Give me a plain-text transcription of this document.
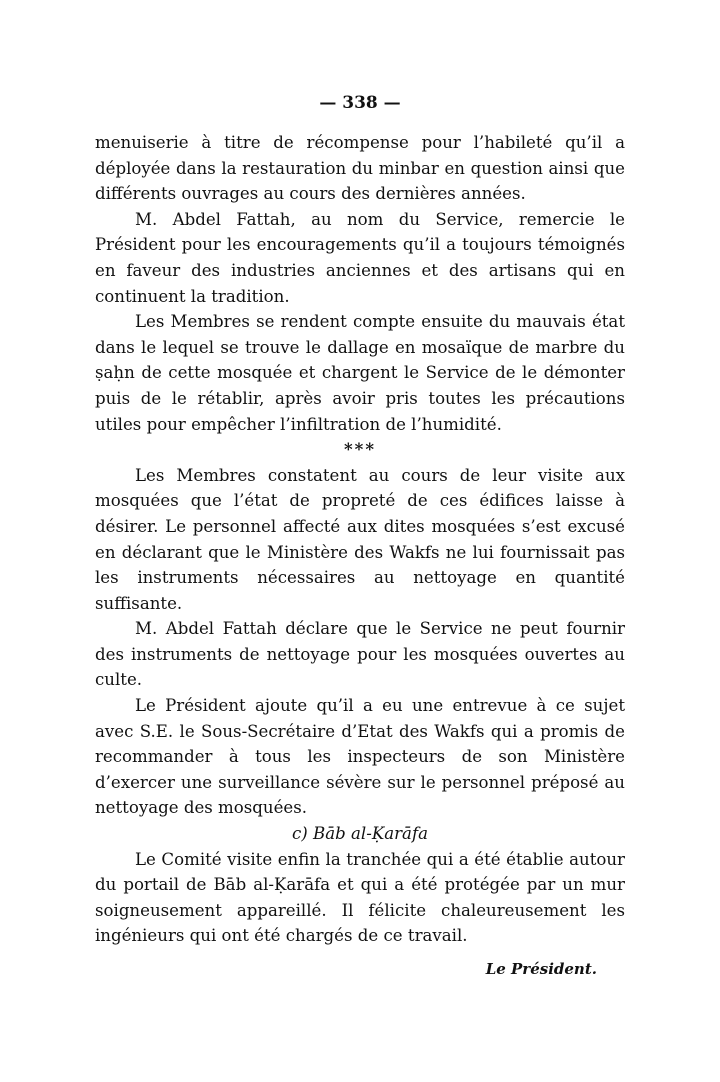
— 338 —

menuiserie à titre de récompense pour l’habileté qu’il a déployée dans la restauration du minbar en question ainsi que différents ouvrages au cours des dernières années.

M. Abdel Fattah, au nom du Service, remercie le Président pour les encouragements qu’il a toujours témoignés en faveur des industries anciennes et des artisans qui en continuent la tradition.

Les Membres se rendent compte ensuite du mauvais état dans le lequel se trouve le dallage en mosaïque de marbre du ṣaḥn de cette mosquée et chargent le Service de le démonter puis de le rétablir, après avoir pris toutes les précautions utiles pour empêcher l’infiltration de l’humidité.

***

Les Membres constatent au cours de leur visite aux mosquées que l’état de propreté de ces édifices laisse à désirer. Le personnel affecté aux dites mosquées s’est excusé en déclarant que le Ministère des Wakfs ne lui fournissait pas les instruments nécessaires au nettoyage en quantité suffisante.

M. Abdel Fattah déclare que le Service ne peut fournir des instruments de nettoyage pour les mosquées ouvertes au culte.

Le Président ajoute qu’il a eu une entrevue à ce sujet avec S.E. le Sous-Secrétaire d’Etat des Wakfs qui a promis de recommander à tous les inspecteurs de son Ministère d’exercer une surveillance sévère sur le personnel préposé au nettoyage des mosquées.

c) Bāb al-Ḳarāfa

Le Comité visite enfin la tranchée qui a été établie autour du portail de Bāb al-Ḳarāfa et qui a été protégée par un mur soigneusement appareillé. Il félicite chaleureusement les ingénieurs qui ont été chargés de ce travail.

Le Président.
